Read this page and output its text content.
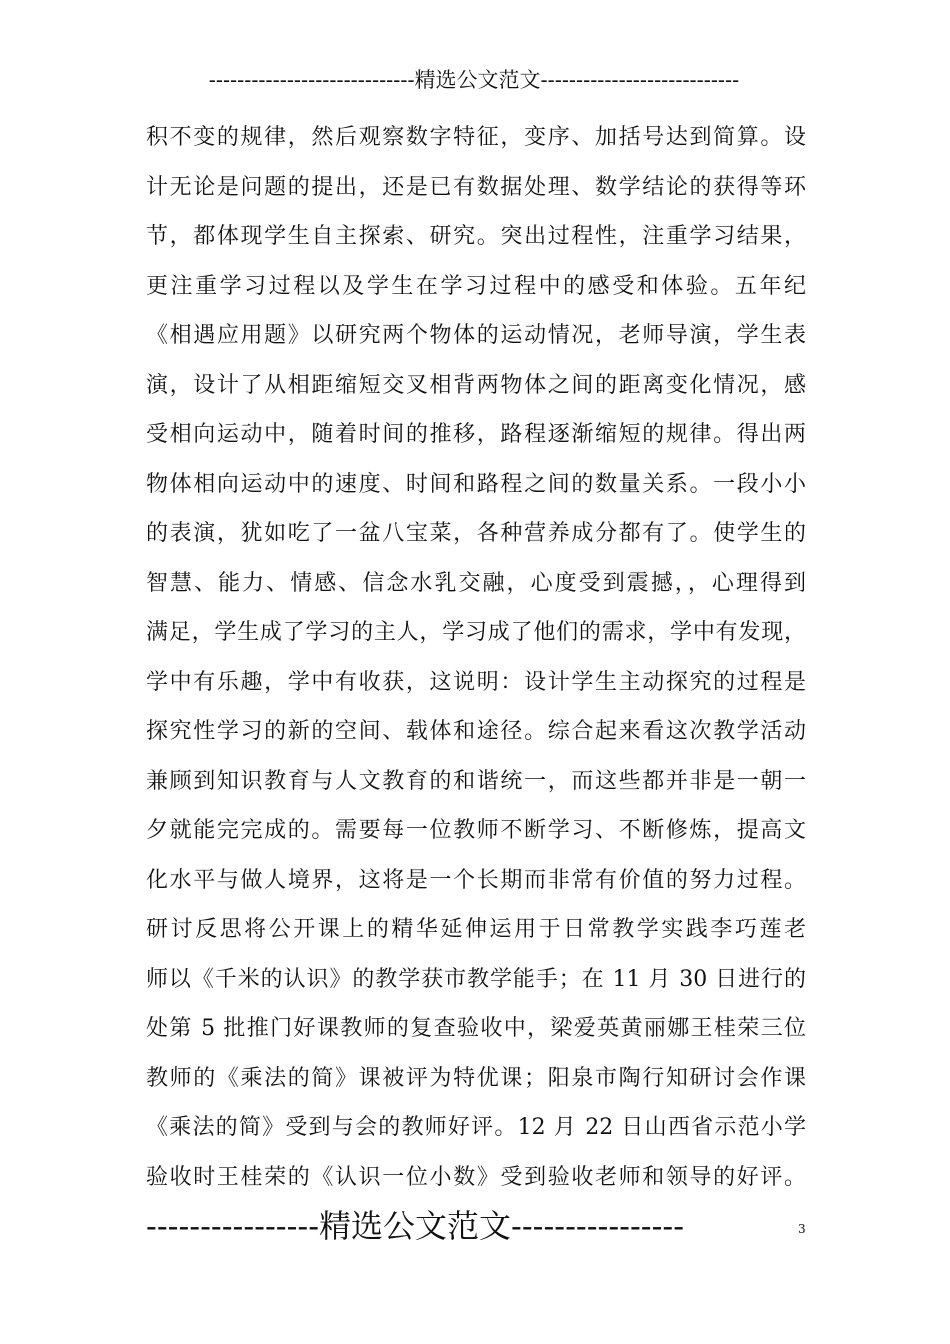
-----------------------------精选公文范文----------------------------
积不变的规律，然后观察数字特征，变序、加括号达到简算。设
计无论是问题的提出，还是已有数据处理、数学结论的获得等环
节，都体现学生自主探索、研究。突出过程性，注重学习结果，
更注重学习过程以及学生在学习过程中的感受和体验。五年纪
《相遇应用题》以研究两个物体的运动情况，老师导演，学生表
演，设计了从相距缩短交叉相背两物体之间的距离变化情况，感
受相向运动中，随着时间的推移，路程逐渐缩短的规律。得出两
物体相向运动中的速度、时间和路程之间的数量关系。一段小小
的表演，犹如吃了一盆八宝菜，各种营养成分都有了。使学生的
智慧、能力、情感、信念水乳交融，心度受到震撼，，心理得到
满足，学生成了学习的主人，学习成了他们的需求，学中有发现，
学中有乐趣，学中有收获，这说明：设计学生主动探究的过程是
探究性学习的新的空间、载体和途径。综合起来看这次教学活动
兼顾到知识教育与人文教育的和谐统一，而这些都并非是一朝一
夕就能完完成的。需要每一位教师不断学习、不断修炼，提高文
化水平与做人境界，这将是一个长期而非常有价值的努力过程。
研讨反思将公开课上的精华延伸运用于日常教学实践李巧莲老
师以《千米的认识》的教学获市教学能手；在 11 月 30 日进行的
处第 5 批推门好课教师的复查验收中，梁爱英黄丽娜王桂荣三位
教师的《乘法的简》课被评为特优课；阳泉市陶行知研讨会作课
《乘法的简》受到与会的教师好评。12 月 22 日山西省示范小学
验收时王桂荣的《认识一位小数》受到验收老师和领导的好评。
----------------精选公文范文----------------	3
